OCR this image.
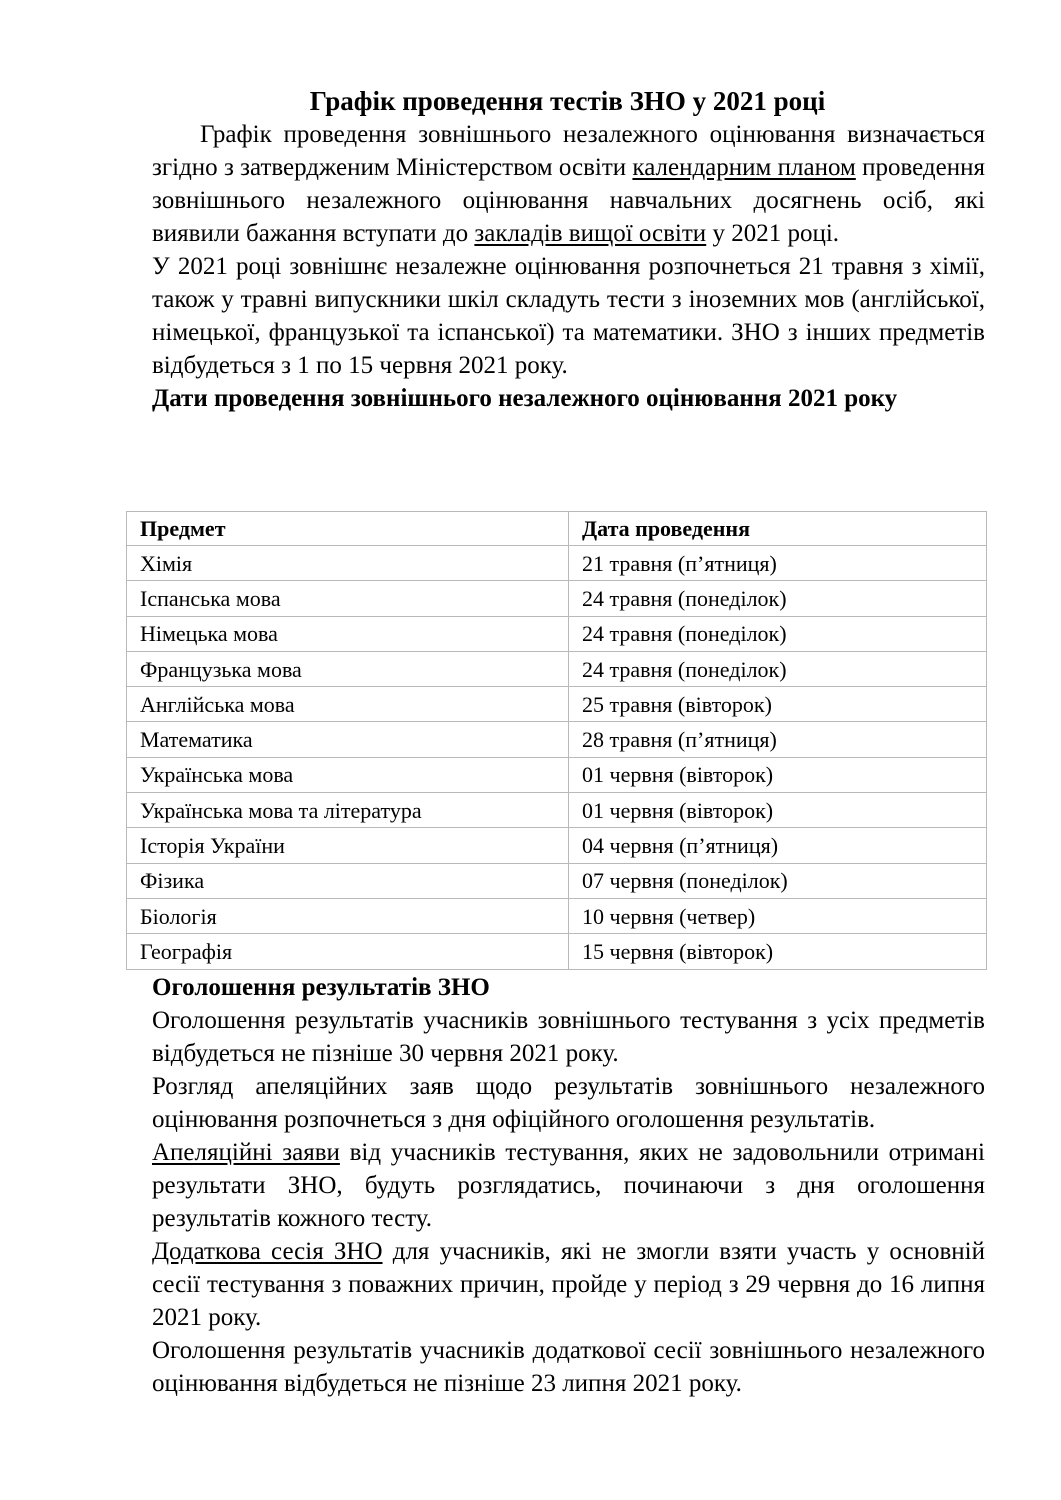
Графік проведення тестів ЗНО у 2021 році

Графік проведення зовнішнього незалежного оцінювання визначається згідно з затвердженим Міністерством освіти календарним планом проведення зовнішнього незалежного оцінювання навчальних досягнень осіб, які виявили бажання вступати до закладів вищої освіти у 2021 році.

У 2021 році зовнішнє незалежне оцінювання розпочнеться 21 травня з хімії, також у травні випускники шкіл складуть тести з іноземних мов (англійської, німецької, французької та іспанської) та математики. ЗНО з інших предметів відбудеться з 1 по 15 червня 2021 року.

Дати проведення зовнішнього незалежного оцінювання 2021 року

Предмет	Дата проведення
Хімія	21 травня (п’ятниця)
Іспанська мова	24 травня (понеділок)
Німецька мова	24 травня (понеділок)
Французька мова	24 травня (понеділок)
Англійська мова	25 травня (вівторок)
Математика	28 травня (п’ятниця)
Українська мова	01 червня (вівторок)
Українська мова та література	01 червня (вівторок)
Історія України	04 червня (п’ятниця)
Фізика	07 червня (понеділок)
Біологія	10 червня (четвер)
Географія	15 червня (вівторок)

Оголошення результатів ЗНО

Оголошення результатів учасників зовнішнього тестування з усіх предметів відбудеться не пізніше 30 червня 2021 року.

Розгляд апеляційних заяв щодо результатів зовнішнього незалежного оцінювання розпочнеться з дня офіційного оголошення результатів.

Апеляційні заяви від учасників тестування, яких не задовольнили отримані результати ЗНО, будуть розглядатись, починаючи з дня оголошення результатів кожного тесту.

Додаткова сесія ЗНО для учасників, які не змогли взяти участь у основній сесії тестування з поважних причин, пройде у період з 29 червня до 16 липня 2021 року.

Оголошення результатів учасників додаткової сесії зовнішнього незалежного оцінювання відбудеться не пізніше 23 липня 2021 року.
